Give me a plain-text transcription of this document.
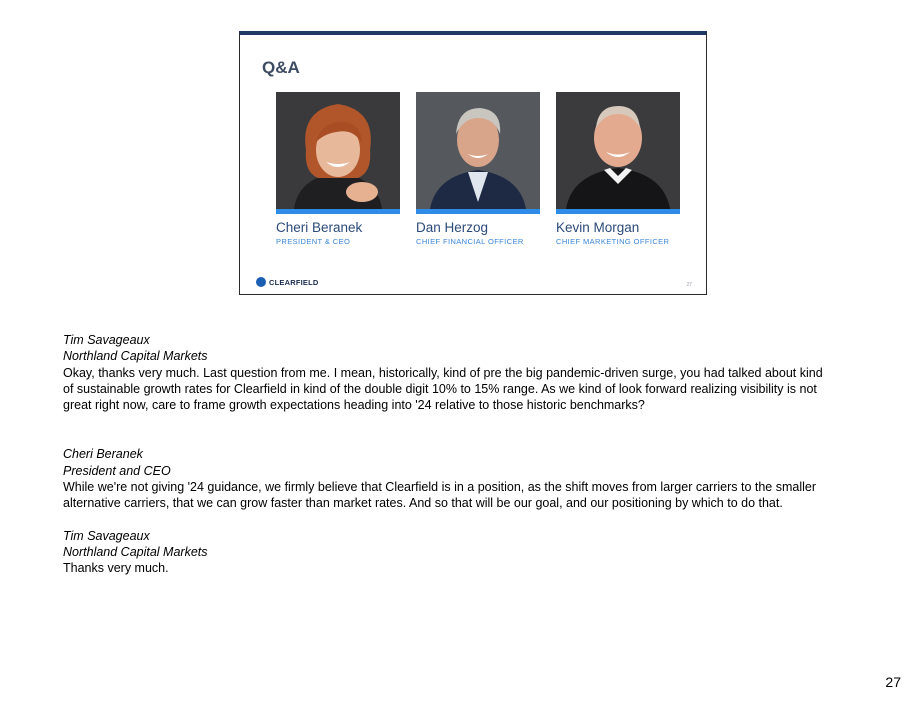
Q&A
Cheri Beranek
PRESIDENT & CEO
Dan Herzog
CHIEF FINANCIAL OFFICER
Kevin Morgan
CHIEF MARKETING OFFICER
CLEARFIELD	27
Tim Savageaux
Northland Capital Markets
Okay, thanks very much. Last question from me. I mean, historically, kind of pre the big pandemic-driven surge, you had talked about kind of sustainable growth rates for Clearfield in kind of the double digit 10% to 15% range. As we kind of look forward realizing visibility is not great right now, care to frame growth expectations heading into '24 relative to those historic benchmarks?
Cheri Beranek
President and CEO
While we're not giving '24 guidance, we firmly believe that Clearfield is in a position, as the shift moves from larger carriers to the smaller alternative carriers, that we can grow faster than market rates. And so that will be our goal, and our positioning by which to do that.
Tim Savageaux
Northland Capital Markets
Thanks very much.
27
